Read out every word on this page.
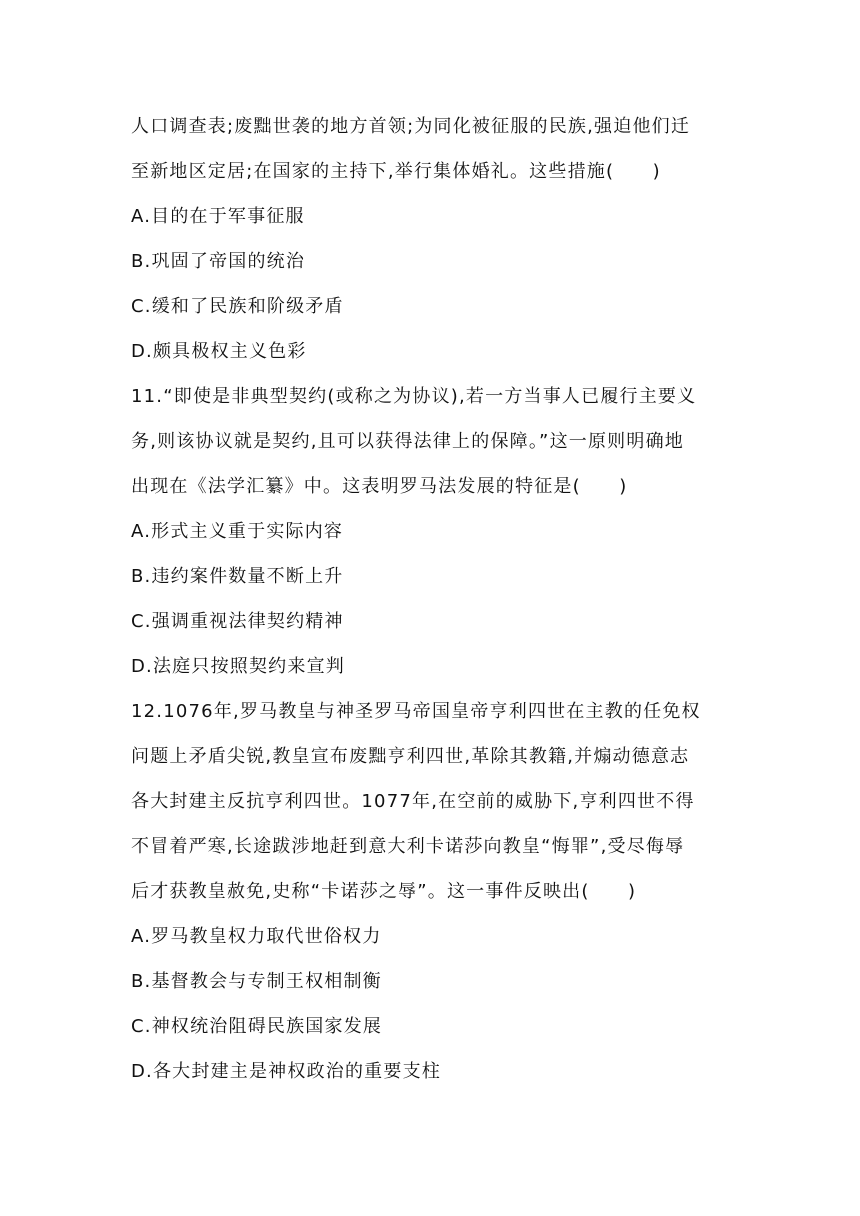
人口调查表;废黜世袭的地方首领;为同化被征服的民族,强迫他们迁
至新地区定居;在国家的主持下,举行集体婚礼。这些措施(　　)
A.目的在于军事征服
B.巩固了帝国的统治
C.缓和了民族和阶级矛盾
D.颇具极权主义色彩
11.“即使是非典型契约(或称之为协议),若一方当事人已履行主要义
务,则该协议就是契约,且可以获得法律上的保障。”这一原则明确地
出现在《法学汇纂》中。这表明罗马法发展的特征是(　　)
A.形式主义重于实际内容
B.违约案件数量不断上升
C.强调重视法律契约精神
D.法庭只按照契约来宣判
12.1076年,罗马教皇与神圣罗马帝国皇帝亨利四世在主教的任免权
问题上矛盾尖锐,教皇宣布废黜亨利四世,革除其教籍,并煽动德意志
各大封建主反抗亨利四世。1077年,在空前的威胁下,亨利四世不得
不冒着严寒,长途跋涉地赶到意大利卡诺莎向教皇“悔罪”,受尽侮辱
后才获教皇赦免,史称“卡诺莎之辱”。这一事件反映出(　　)
A.罗马教皇权力取代世俗权力
B.基督教会与专制王权相制衡
C.神权统治阻碍民族国家发展
D.各大封建主是神权政治的重要支柱
